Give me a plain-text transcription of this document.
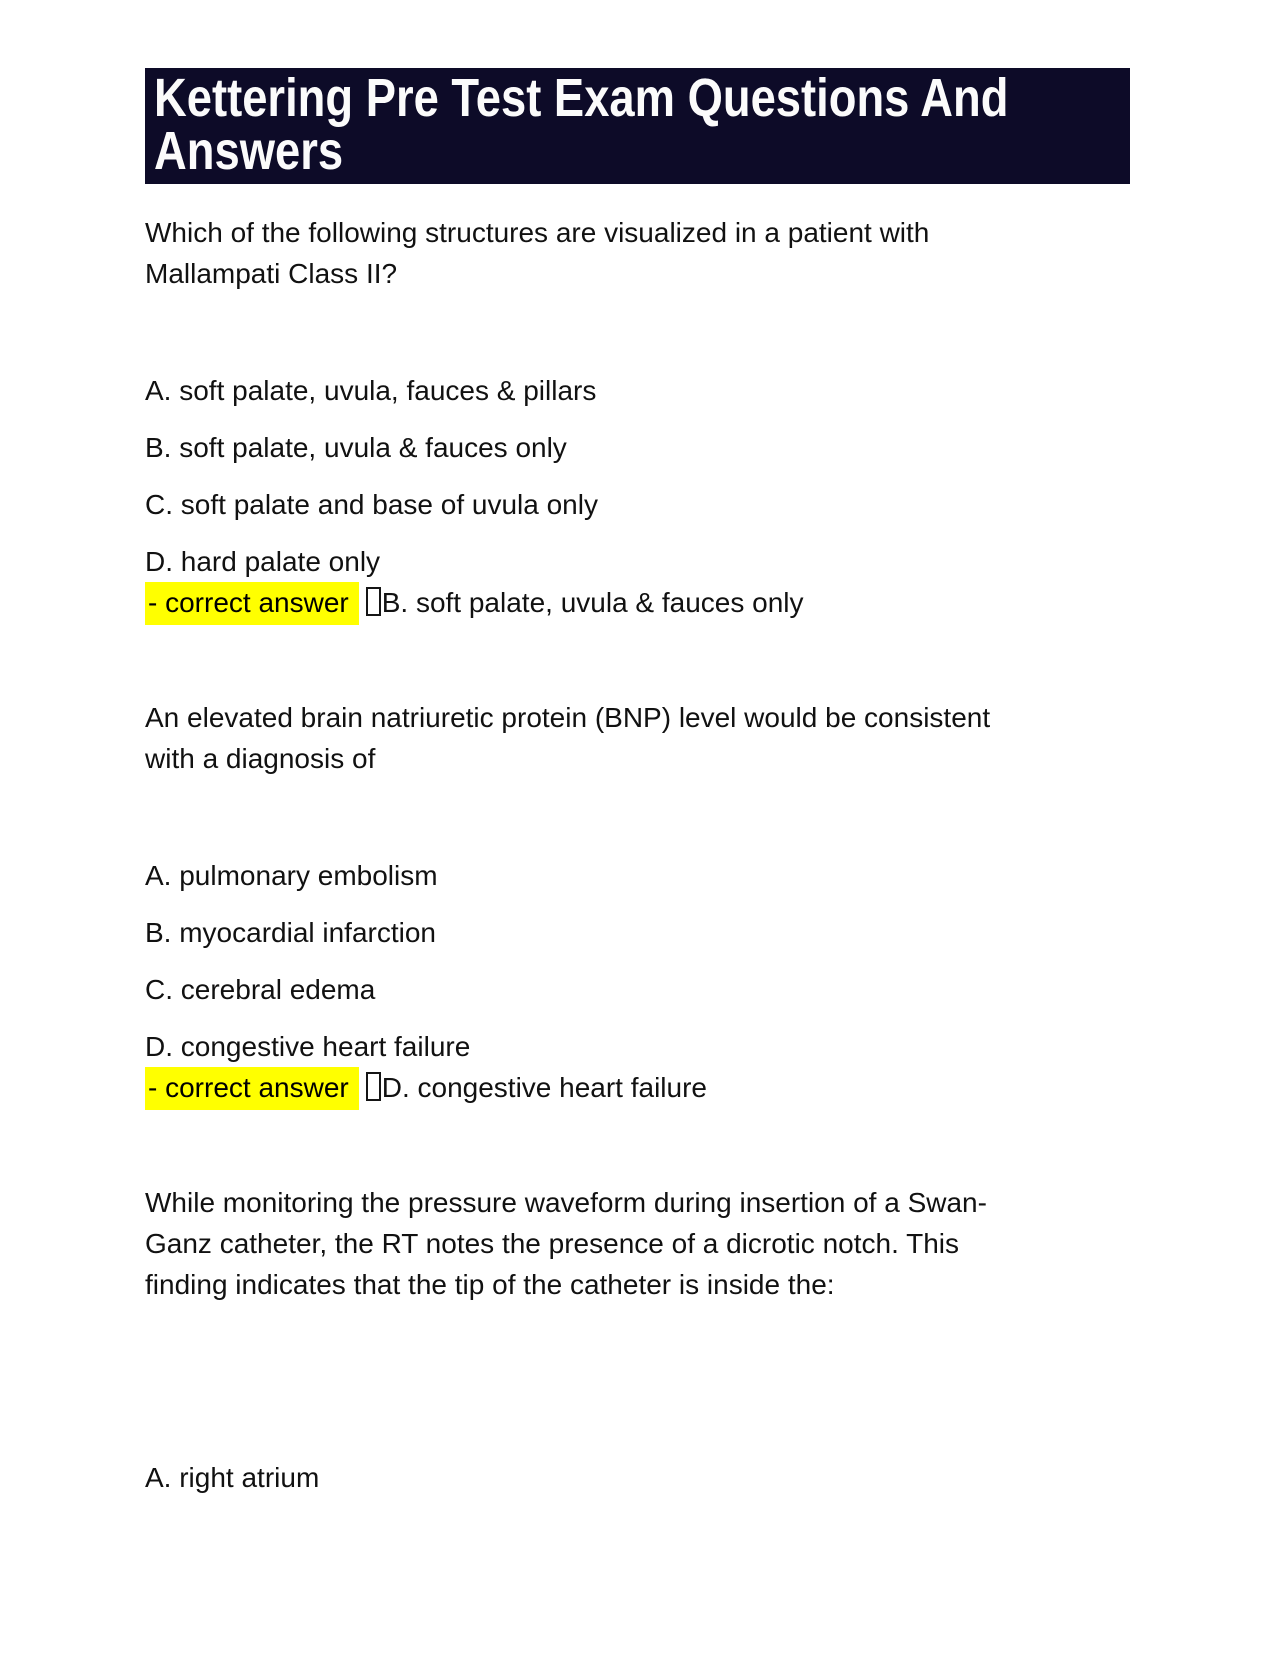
Kettering Pre Test Exam Questions And
Answers
Which of the following structures are visualized in a patient with
Mallampati Class II?
A. soft palate, uvula, fauces & pillars
B. soft palate, uvula & fauces only
C. soft palate and base of uvula only
D. hard palate only
- correct answer B. soft palate, uvula & fauces only
An elevated brain natriuretic protein (BNP) level would be consistent
with a diagnosis of
A. pulmonary embolism
B. myocardial infarction
C. cerebral edema
D. congestive heart failure
- correct answer D. congestive heart failure
While monitoring the pressure waveform during insertion of a Swan-
Ganz catheter, the RT notes the presence of a dicrotic notch. This
finding indicates that the tip of the catheter is inside the:
A. right atrium
